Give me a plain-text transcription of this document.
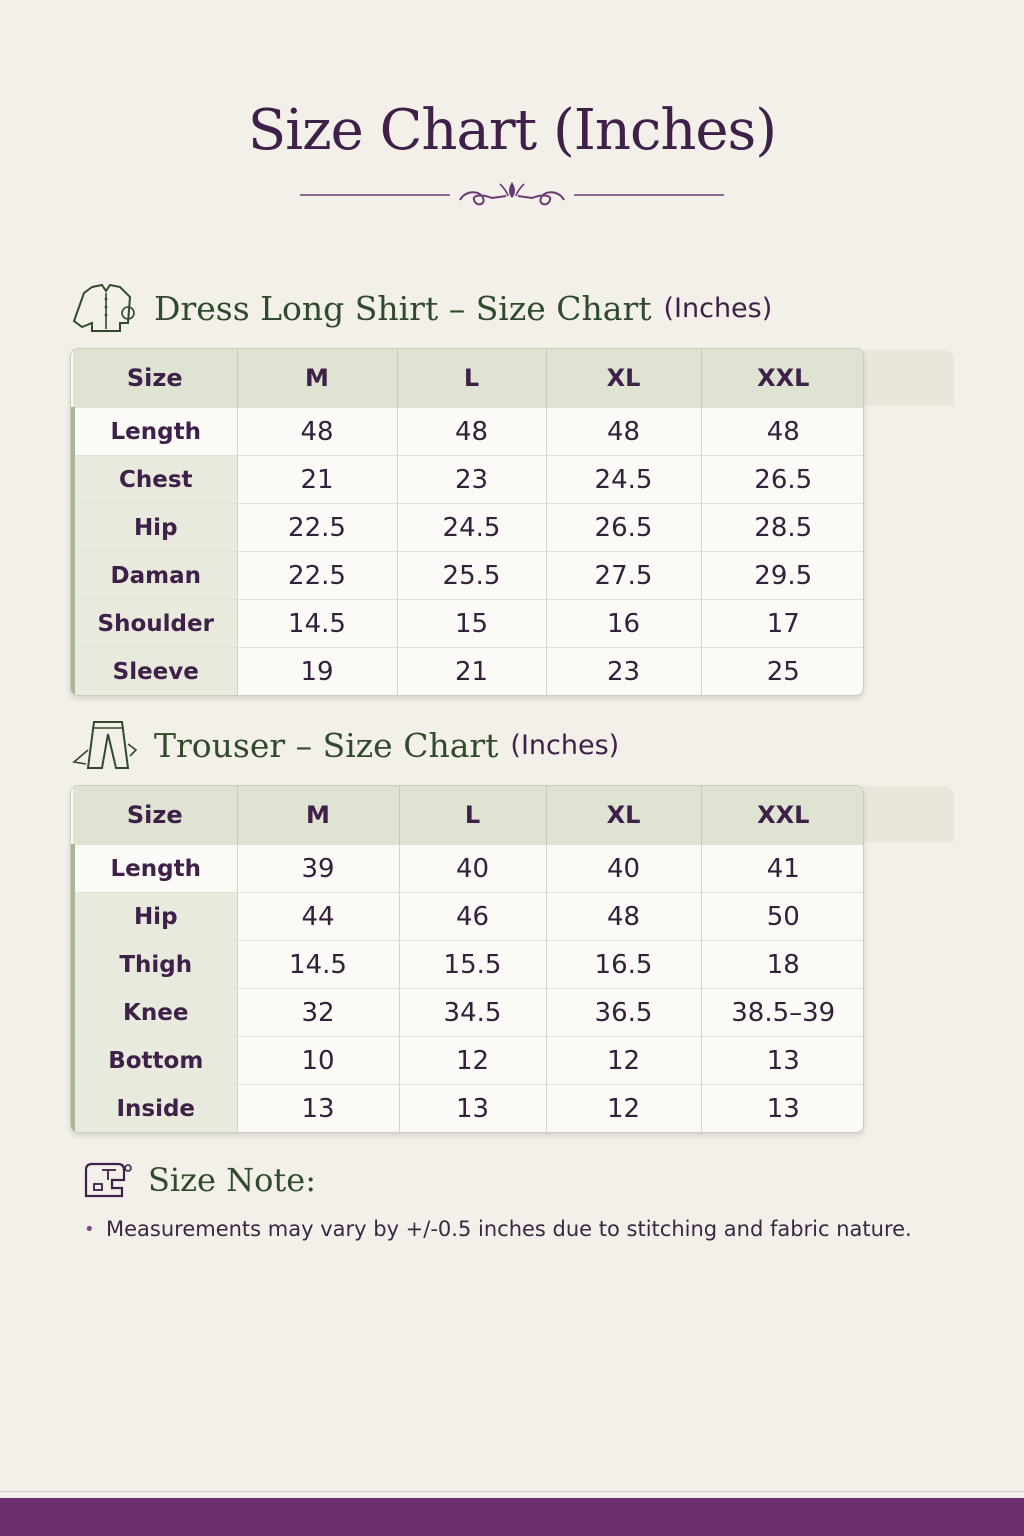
Size Chart (Inches)
Dress Long Shirt – Size Chart (Inches)
Size	M	L	XL	XXL
Length	48	48	48	48
Chest	21	23	24.5	26.5
Hip	22.5	24.5	26.5	28.5
Daman	22.5	25.5	27.5	29.5
Shoulder	14.5	15	16	17
Sleeve	19	21	23	25
Trouser – Size Chart (Inches)
Size	M	L	XL	XXL
Length	39	40	40	41
Hip	44	46	48	50
Thigh	14.5	15.5	16.5	18
Knee	32	34.5	36.5	38.5–39
Bottom	10	12	12	13
Inside	13	13	12	13
Size Note:
• Measurements may vary by +/-0.5 inches due to stitching and fabric nature.
